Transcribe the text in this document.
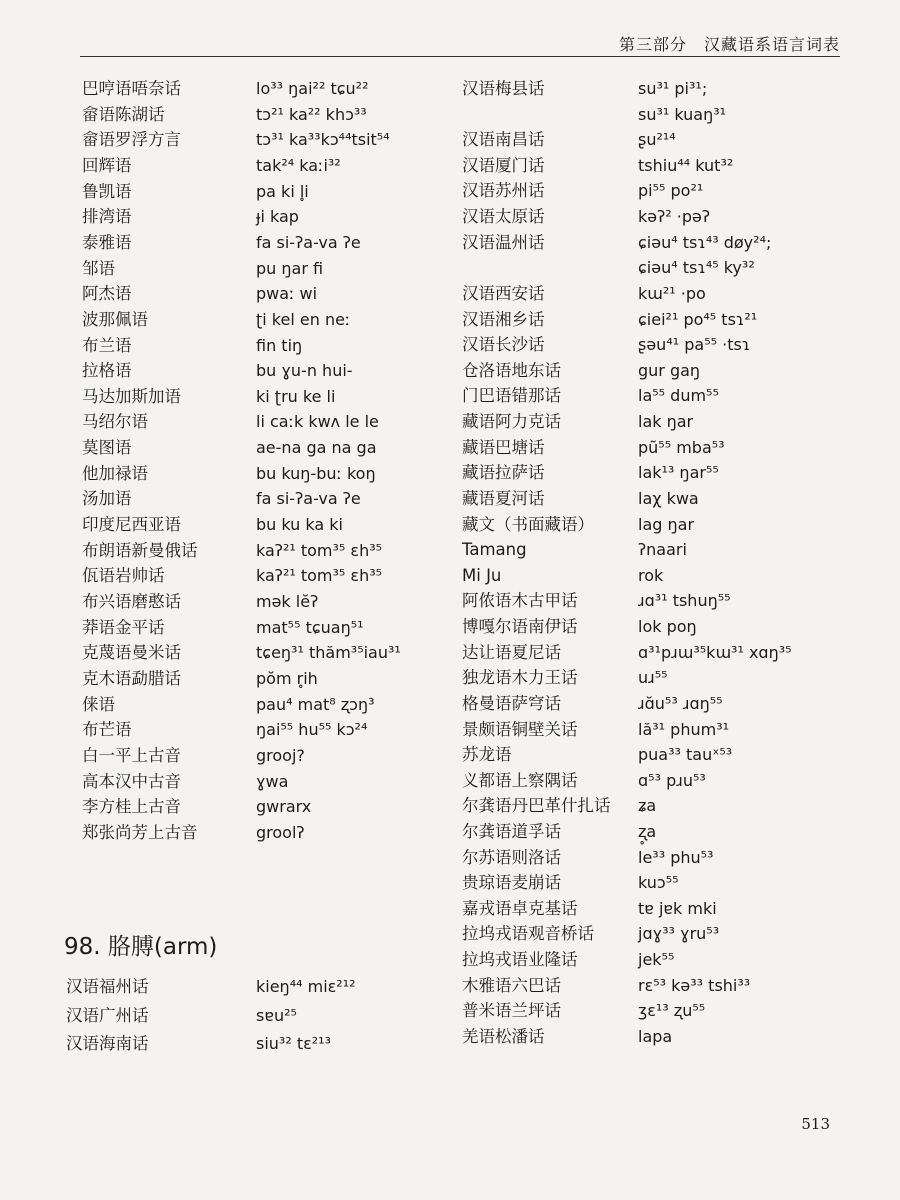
第三部分　汉藏语系语言词表
巴哼语唔奈话	lo³³ ŋai²² tɕu²²
畲语陈湖话	tɔ²¹ ka²² khɔ³³
畲语罗浮方言	tɔ³¹ ka³³kɔ⁴⁴tsit⁵⁴
回辉语	tak²⁴ kaːi³²
鲁凯语	pa ki l̥i
排湾语	ɟi kap
泰雅语	fa si-ʔa-va ʔe
邹语	pu ŋar fi
阿杰语	pwaː wi
波那佩语	ʈi kel en neː
布兰语	fin tiŋ
拉格语	bu ɣu-n hui-
马达加斯加语	ki ʈru ke li
马绍尔语	li caːk kwʌ le le
莫图语	ae-na ga na ga
他加禄语	bu kuŋ-buː koŋ
汤加语	fa si-ʔa-va ʔe
印度尼西亚语	bu ku ka ki
布朗语新曼俄话	kaʔ²¹ tom³⁵ ɛh³⁵
佤语岩帅话	kaʔ²¹ tom³⁵ ɛh³⁵
布兴语磨憨话	mək lĕʔ
莽语金平话	mat⁵⁵ tɕuaŋ⁵¹
克蔑语曼米话	tɕeŋ³¹ thăm³⁵iau³¹
克木语勐腊话	pŏm r̥ih
俫语	pau⁴ mat⁸ ʐɔŋ³
布芒语	ŋai⁵⁵ hu⁵⁵ kɔ²⁴
白一平上古音	grooj?
高本汉中古音	ɣwa
李方桂上古音	gwrarx
郑张尚芳上古音	groolʔ
汉语福州话	kieŋ⁴⁴ miɛ²¹²
汉语广州话	sɐu²⁵
汉语海南话	siu³² tɛ²¹³
汉语梅县话	su³¹ pi³¹;
su³¹ kuaŋ³¹
汉语南昌话	ʂu²¹⁴
汉语厦门话	tshiu⁴⁴ kut³²
汉语苏州话	pi⁵⁵ po²¹
汉语太原话	kəʔ² ·pəʔ
汉语温州话	ɕiəu⁴ tsɿ⁴³ døy²⁴;
ɕiəu⁴ tsɿ⁴⁵ ky³²
汉语西安话	kɯ²¹ ·po
汉语湘乡话	ɕiei²¹ po⁴⁵ tsɿ²¹
汉语长沙话	ʂəu⁴¹ pa⁵⁵ ·tsɿ
仓洛语地东话	gur gaŋ
门巴语错那话	la⁵⁵ dum⁵⁵
藏语阿力克话	lak ŋar
藏语巴塘话	pũ⁵⁵ mba⁵³
藏语拉萨话	lak¹³ ŋar⁵⁵
藏语夏河话	laχ kwa
藏文（书面藏语）	lag ŋar
Tamang	ʔnaari
Mi Ju	rok
阿侬语木古甲话	ɹɑ³¹ tshuŋ⁵⁵
博嘎尔语南伊话	lok poŋ
达让语夏尼话	ɑ³¹pɹɯ³⁵kɯ³¹ xɑŋ³⁵
独龙语木力王话	uɹ⁵⁵
格曼语萨穹话	ɹɑ̆u⁵³ ɹɑŋ⁵⁵
景颇语铜壁关话	lă³¹ phum³¹
苏龙语	pua³³ tauˣ⁵³
义都语上察隅话	ɑ⁵³ pɹu⁵³
尔龚语丹巴革什扎话 ʑa
尔龚语道孚话	ʐ̥a
尔苏语则洛话	le³³ phu⁵³
贵琼语麦崩话	kuɔ⁵⁵
嘉戎语卓克基话	tɐ jɐk mki
拉坞戎语观音桥话	jɑɣ³³ ɣru⁵³
拉坞戎语业隆话	jek⁵⁵
木雅语六巴话	rɛ⁵³ kə³³ tshi³³
普米语兰坪话	ʒɛ¹³ ʐu⁵⁵
羌语松潘话	lapa
98. 胳膊(arm)
513
